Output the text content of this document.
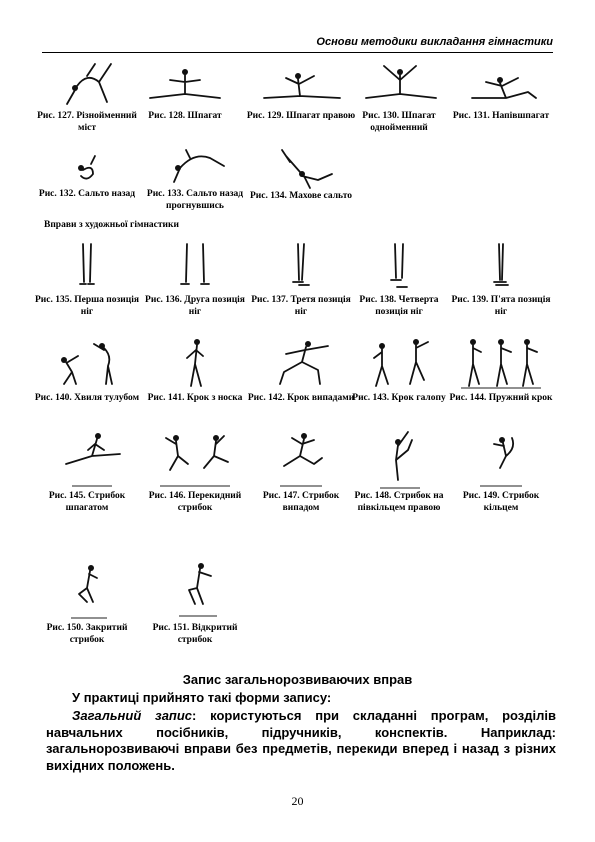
Основи методики викладання гімнастики
Рис. 127. Різнойменний міст
Рис. 128. Шпагат	Рис. 129. Шпагат правою Рис. 130. Шпагат однойменний
Рис. 131. Напівшпагат
Рис. 132. Сальто назад	Рис. 133. Сальто назад прогнувшись
Рис. 134. Махове сальто
Вправи з художньої гімнастики
Рис. 135. Перша позиція ніг
Рис. 136. Друга позиція ніг
Рис. 137. Третя позиція ніг
Рис. 138. Четверта позиція ніг
Рис. 139. П'ята позиція ніг
Рис. 140. Хвиля тулубом Рис. 141. Крок з носка Рис. 142. Крок випадами
Рис. 143. Крок галопу Рис. 144. Пружний крок
Рис. 145. Стрибок шпагатом
Рис. 146. Перекидний стрибок
Рис. 147. Стрибок випадом
Рис. 148. Стрибок на півкільцем правою
Рис. 149. Стрибок кільцем
Рис. 150. Закритий стрибок
Рис. 151. Відкритий стрибок
Запис загальнорозвиваючих вправ
У практиці прийнято такі форми запису:
Загальний запис: користуються при складанні програм, розділів навчальних посібників, підручників, конспектів. Наприклад: загальнорозвиваючі вправи без предметів, перекиди вперед і назад з різних вихідних положень.
20
